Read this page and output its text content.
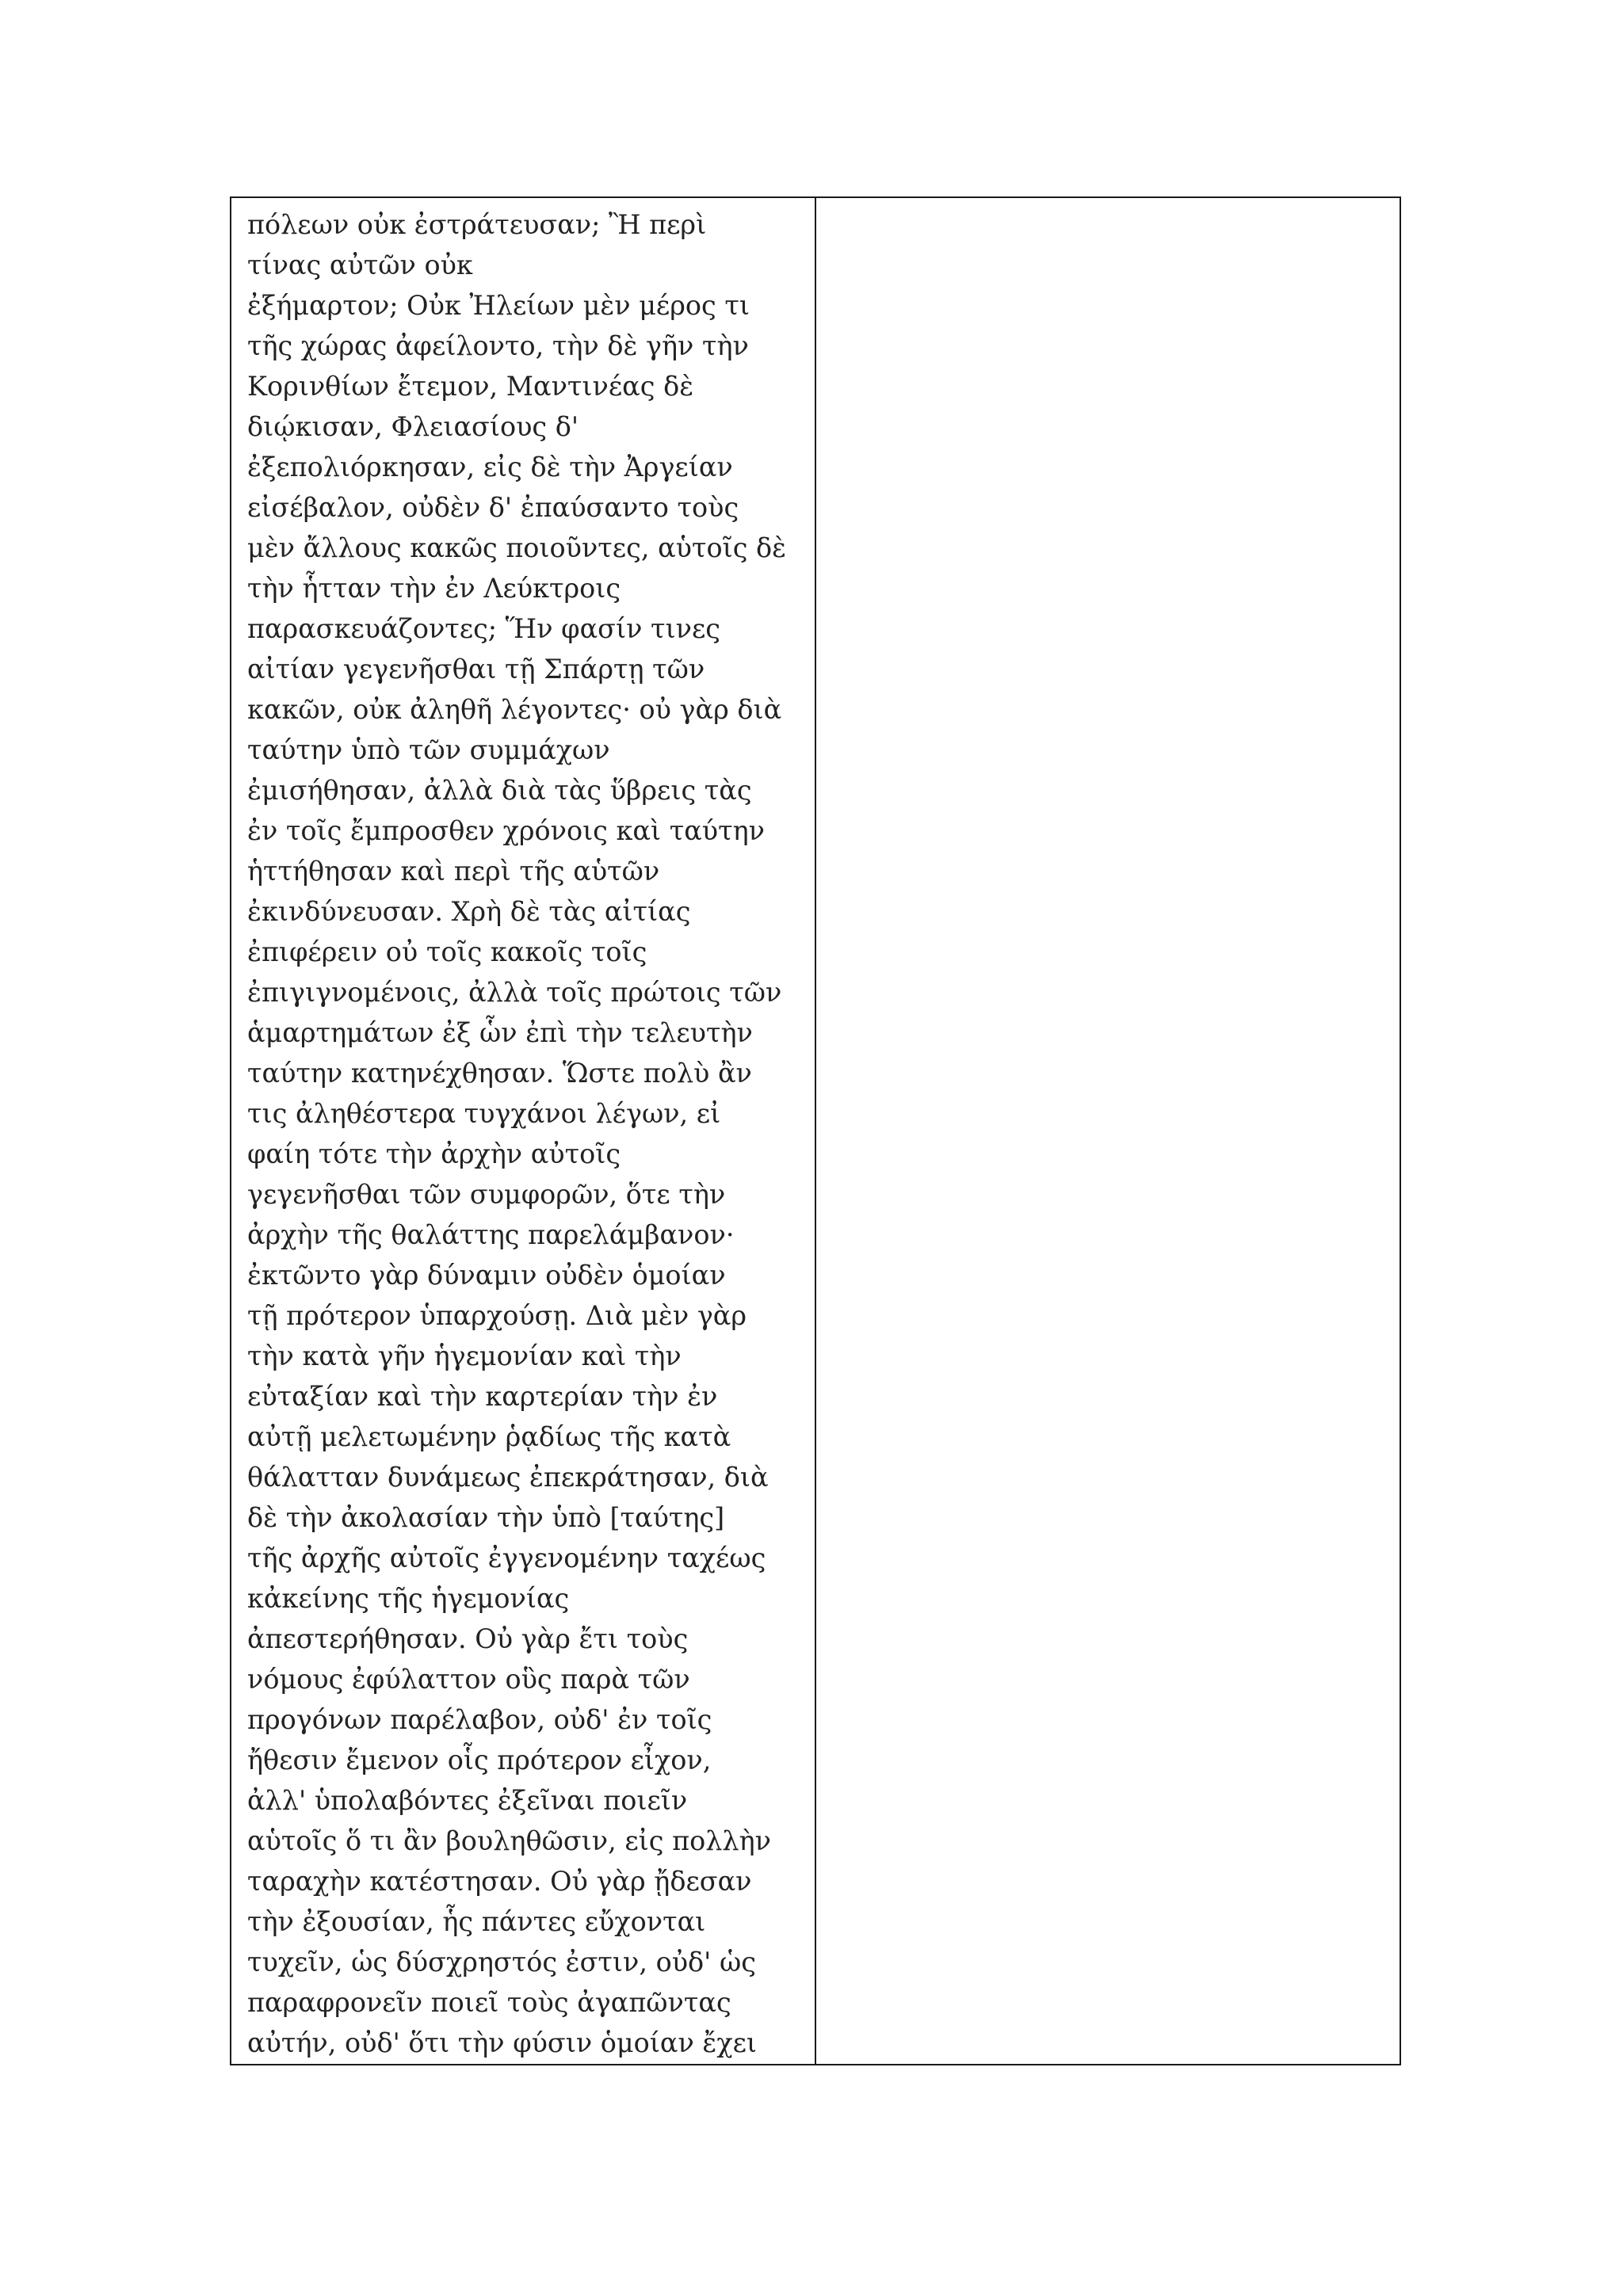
πόλεων οὐκ ἐστράτευσαν; Ἢ περὶ
τίνας αὐτῶν οὐκ
ἐξήμαρτον; Οὐκ Ἠλείων μὲν μέρος τι
τῆς χώρας ἀφείλοντο, τὴν δὲ γῆν τὴν
Κορινθίων ἔτεμον, Μαντινέας δὲ
διῴκισαν, Φλειασίους δ'
ἐξεπολιόρκησαν, εἰς δὲ τὴν Ἀργείαν
εἰσέβαλον, οὐδὲν δ' ἐπαύσαντο τοὺς
μὲν ἄλλους κακῶς ποιοῦντες, αὑτοῖς δὲ
τὴν ἧτταν τὴν ἐν Λεύκτροις
παρασκευάζοντες; Ἥν φασίν τινες
αἰτίαν γεγενῆσθαι τῇ Σπάρτῃ τῶν
κακῶν, οὐκ ἀληθῆ λέγοντες· οὐ γὰρ διὰ
ταύτην ὑπὸ τῶν συμμάχων
ἐμισήθησαν, ἀλλὰ διὰ τὰς ὕβρεις τὰς
ἐν τοῖς ἔμπροσθεν χρόνοις καὶ ταύτην
ἡττήθησαν καὶ περὶ τῆς αὑτῶν
ἐκινδύνευσαν. Χρὴ δὲ τὰς αἰτίας
ἐπιφέρειν οὐ τοῖς κακοῖς τοῖς
ἐπιγιγνομένοις, ἀλλὰ τοῖς πρώτοις τῶν
ἁμαρτημάτων ἐξ ὧν ἐπὶ τὴν τελευτὴν
ταύτην κατηνέχθησαν. Ὥστε πολὺ ἂν
τις ἀληθέστερα τυγχάνοι λέγων, εἰ
φαίη τότε τὴν ἀρχὴν αὐτοῖς
γεγενῆσθαι τῶν συμφορῶν, ὅτε τὴν
ἀρχὴν τῆς θαλάττης παρελάμβανον·
ἐκτῶντο γὰρ δύναμιν οὐδὲν ὁμοίαν
τῇ πρότερον ὑπαρχούσῃ. Διὰ μὲν γὰρ
τὴν κατὰ γῆν ἡγεμονίαν καὶ τὴν
εὐταξίαν καὶ τὴν καρτερίαν τὴν ἐν
αὐτῇ μελετωμένην ῥᾳδίως τῆς κατὰ
θάλατταν δυνάμεως ἐπεκράτησαν, διὰ
δὲ τὴν ἀκολασίαν τὴν ὑπὸ [ταύτης]
τῆς ἀρχῆς αὐτοῖς ἐγγενομένην ταχέως
κἀκείνης τῆς ἡγεμονίας
ἀπεστερήθησαν. Οὐ γὰρ ἔτι τοὺς
νόμους ἐφύλαττον οὓς παρὰ τῶν
προγόνων παρέλαβον, οὐδ' ἐν τοῖς
ἤθεσιν ἔμενον οἷς πρότερον εἶχον,
ἀλλ' ὑπολαβόντες ἐξεῖναι ποιεῖν
αὑτοῖς ὅ τι ἂν βουληθῶσιν, εἰς πολλὴν
ταραχὴν κατέστησαν. Οὐ γὰρ ᾔδεσαν
τὴν ἐξουσίαν, ἧς πάντες εὔχονται
τυχεῖν, ὡς δύσχρηστός ἐστιν, οὐδ' ὡς
παραφρονεῖν ποιεῖ τοὺς ἀγαπῶντας
αὐτήν, οὐδ' ὅτι τὴν φύσιν ὁμοίαν ἔχει
